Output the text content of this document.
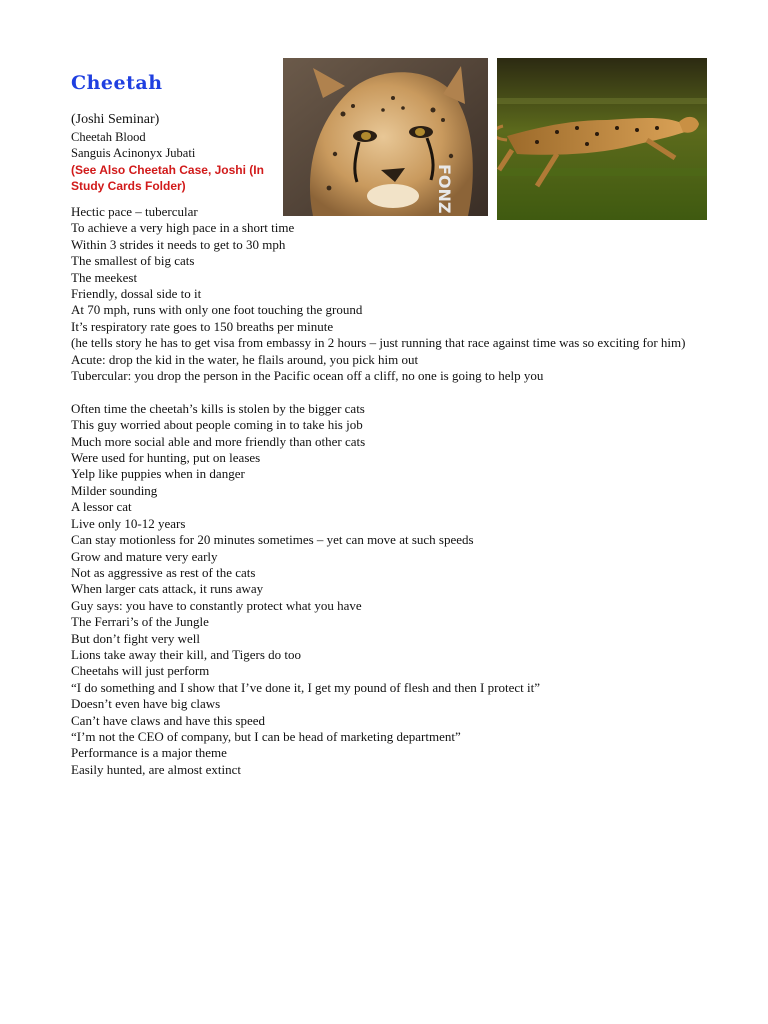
Cheetah
(Joshi Seminar)
Cheetah Blood
Sanguis Acinonyx Jubati
(See Also Cheetah Case, Joshi (In Study Cards Folder)	FONZ
Hectic pace – tubercular
To achieve a very high pace in a short time
Within 3 strides it needs to get to 30 mph
The smallest of big cats
The meekest
Friendly, dossal side to it
At 70 mph, runs with only one foot touching the ground
It’s respiratory rate goes to 150 breaths per minute
(he tells story he has to get visa from embassy in 2 hours – just running that race against time was so exciting for him)
Acute: drop the kid in the water, he flails around, you pick him out
Tubercular: you drop the person in the Pacific ocean off a cliff, no one is going to help you
Often time the cheetah’s kills is stolen by the bigger cats
This guy worried about people coming in to take his job
Much more social able and more friendly than other cats
Were used for hunting, put on leases
Yelp like puppies when in danger
Milder sounding
A lessor cat
Live only 10-12 years
Can stay motionless for 20 minutes sometimes – yet can move at such speeds
Grow and mature very early
Not as aggressive as rest of the cats
When larger cats attack, it runs away
Guy says: you have to constantly protect what you have
The Ferrari’s of the Jungle
But don’t fight very well
Lions take away their kill, and Tigers do too
Cheetahs will just perform
“I do something and I show that I’ve done it, I get my pound of flesh and then I protect it”
Doesn’t even have big claws
Can’t have claws and have this speed
“I’m not the CEO of company, but I can be head of marketing department”
Performance is a major theme
Easily hunted, are almost extinct
